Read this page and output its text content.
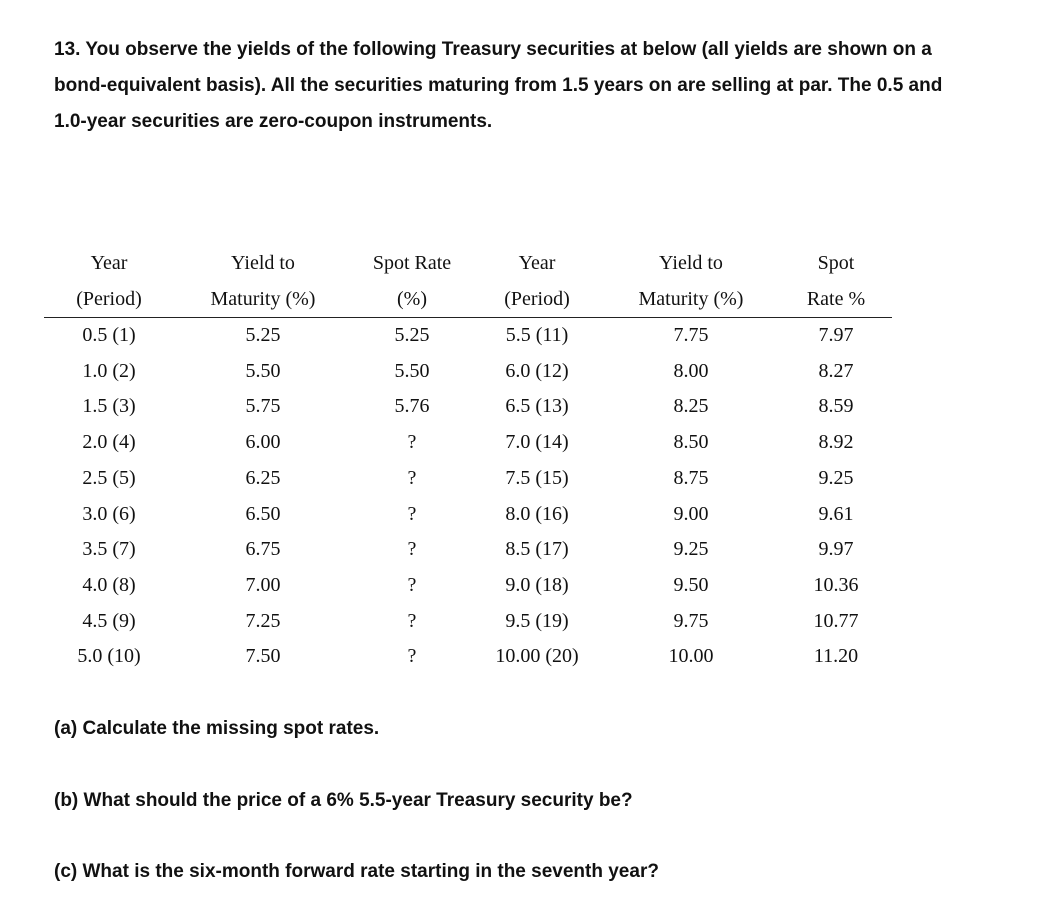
13. You observe the yields of the following Treasury securities at below (all yields are shown on a bond-equivalent basis). All the securities maturing from 1.5 years on are selling at par. The 0.5 and 1.0-year securities are zero-coupon instruments.

Year	Yield to	Spot Rate	Year	Yield to	Spot
(Period)	Maturity (%)	(%)	(Period)	Maturity (%)	Rate %
0.5 (1)	5.25	5.25	5.5 (11)	7.75	7.97
1.0 (2)	5.50	5.50	6.0 (12)	8.00	8.27
1.5 (3)	5.75	5.76	6.5 (13)	8.25	8.59
2.0 (4)	6.00	?	7.0 (14)	8.50	8.92
2.5 (5)	6.25	?	7.5 (15)	8.75	9.25
3.0 (6)	6.50	?	8.0 (16)	9.00	9.61
3.5 (7)	6.75	?	8.5 (17)	9.25	9.97
4.0 (8)	7.00	?	9.0 (18)	9.50	10.36
4.5 (9)	7.25	?	9.5 (19)	9.75	10.77
5.0 (10)	7.50	?	10.00 (20)	10.00	11.20

(a) Calculate the missing spot rates.

(b) What should the price of a 6% 5.5-year Treasury security be?

(c) What is the six-month forward rate starting in the seventh year?
